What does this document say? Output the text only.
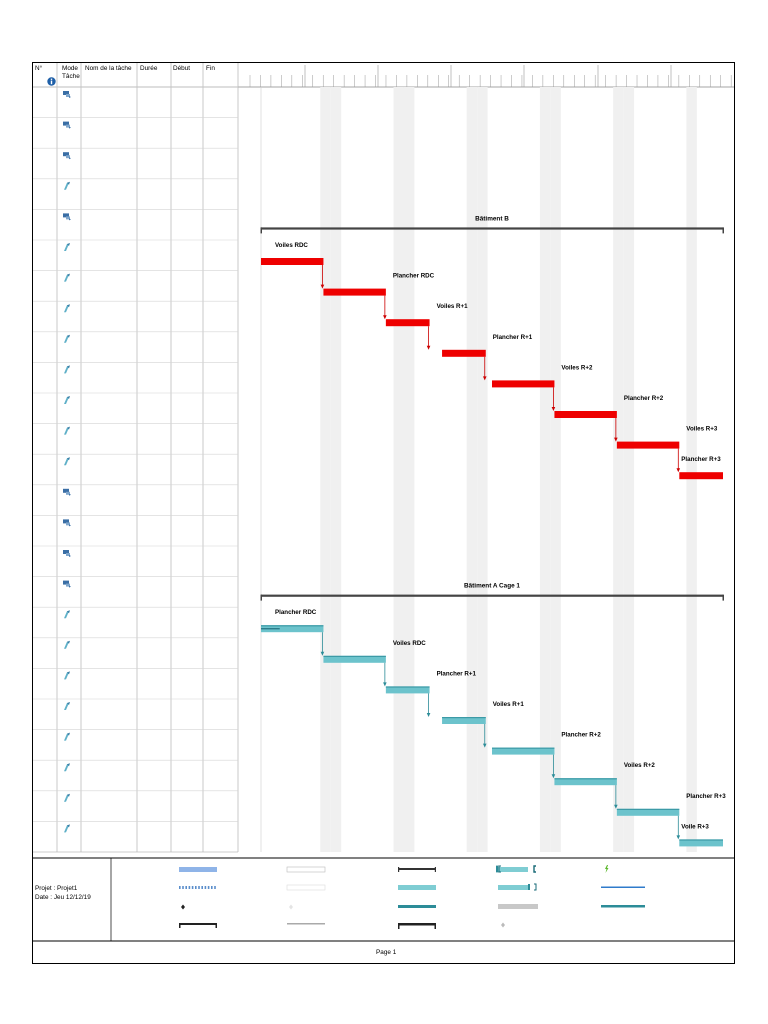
N°	Mode
Tâche
Nom de la tâche Durée Début Fin
Bâtiment B
Bâtiment A Cage 1
Voiles RDC
Plancher RDC
Voiles R+1
Plancher R+1
Voiles R+2
Plancher R+2
Voiles R+3
Plancher R+3
Plancher RDC
Voiles RDC
Plancher R+1
Voiles R+1
Plancher R+2
Voiles R+2
Plancher R+3
Voile R+3
Projet : Projet1
Date : Jeu 12/12/19
Page 1
